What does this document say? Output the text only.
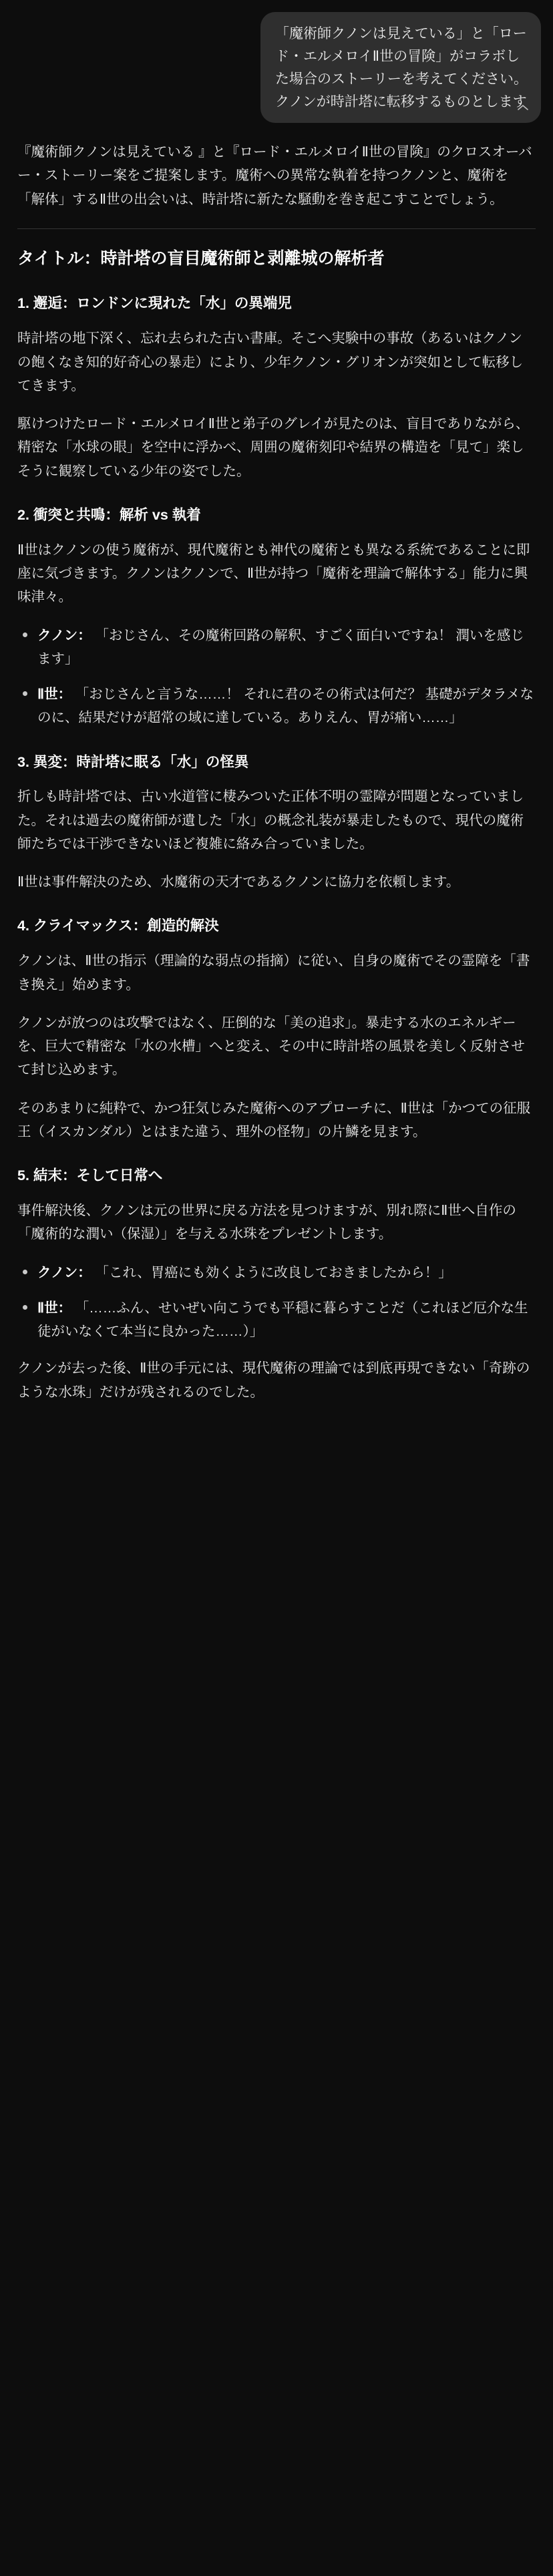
「魔術師クノンは見えている」と「ロー
ド・エルメロイⅡ世の冒険」がコラボし
た場合のストーリーを考えてください。
クノンが時計塔に転移するものとします

『魔術師クノンは見えている 』と『ロード・エルメロイⅡ世の冒険』のクロスオーバー・ストーリー案をご提案します。魔術への異常な執着を持つクノンと、魔術を「解体」するⅡ世の出会いは、時計塔に新たな騒動を巻き起こすことでしょう。

タイトル：時計塔の盲目魔術師と剥離城の解析者
1. 邂逅：ロンドンに現れた「水」の異端児

時計塔の地下深く、忘れ去られた古い書庫。そこへ実験中の事故（あるいはクノンの飽くなき知的好奇心の暴走）により、少年クノン・グリオンが突如として転移してきます。

駆けつけたロード・エルメロイⅡ世と弟子のグレイが見たのは、盲目でありながら、精密な「水球の眼」を空中に浮かべ、周囲の魔術刻印や結界の構造を「見て」楽しそうに観察している少年の姿でした。

2. 衝突と共鳴：解析 vs 執着

Ⅱ世はクノンの使う魔術が、現代魔術とも神代の魔術とも異なる系統であることに即座に気づきます。クノンはクノンで、Ⅱ世が持つ「魔術を理論で解体する」能力に興味津々。

クノン： 「おじさん、その魔術回路の解釈、すごく面白いですね！ 潤いを感じます」
Ⅱ世： 「おじさんと言うな……！ それに君のその術式は何だ？ 基礎がデタラメなのに、結果だけが超常の域に達している。ありえん、胃が痛い……」
3. 異変：時計塔に眠る「水」の怪異

折しも時計塔では、古い水道管に棲みついた正体不明の霊障が問題となっていました。それは過去の魔術師が遺した「水」の概念礼装が暴走したもので、現代の魔術師たちでは干渉できないほど複雑に絡み合っていました。

Ⅱ世は事件解決のため、水魔術の天才であるクノンに協力を依頼します。

4. クライマックス：創造的解決

クノンは、Ⅱ世の指示（理論的な弱点の指摘）に従い、自身の魔術でその霊障を「書き換え」始めます。

クノンが放つのは攻撃ではなく、圧倒的な「美の追求」。暴走する水のエネルギーを、巨大で精密な「水の水槽」へと変え、その中に時計塔の風景を美しく反射させて封じ込めます。

そのあまりに純粋で、かつ狂気じみた魔術へのアプローチに、Ⅱ世は「かつての征服王（イスカンダル）とはまた違う、理外の怪物」の片鱗を見ます。

5. 結末：そして日常へ

事件解決後、クノンは元の世界に戻る方法を見つけますが、別れ際にⅡ世へ自作の「魔術的な潤い（保湿）」を与える水珠をプレゼントします。

クノン： 「これ、胃癌にも効くように改良しておきましたから！」
Ⅱ世： 「……ふん、せいぜい向こうでも平穏に暮らすことだ（これほど厄介な生徒がいなくて本当に良かった……）」

クノンが去った後、Ⅱ世の手元には、現代魔術の理論では到底再現できない「奇跡のような水珠」だけが残されるのでした。
